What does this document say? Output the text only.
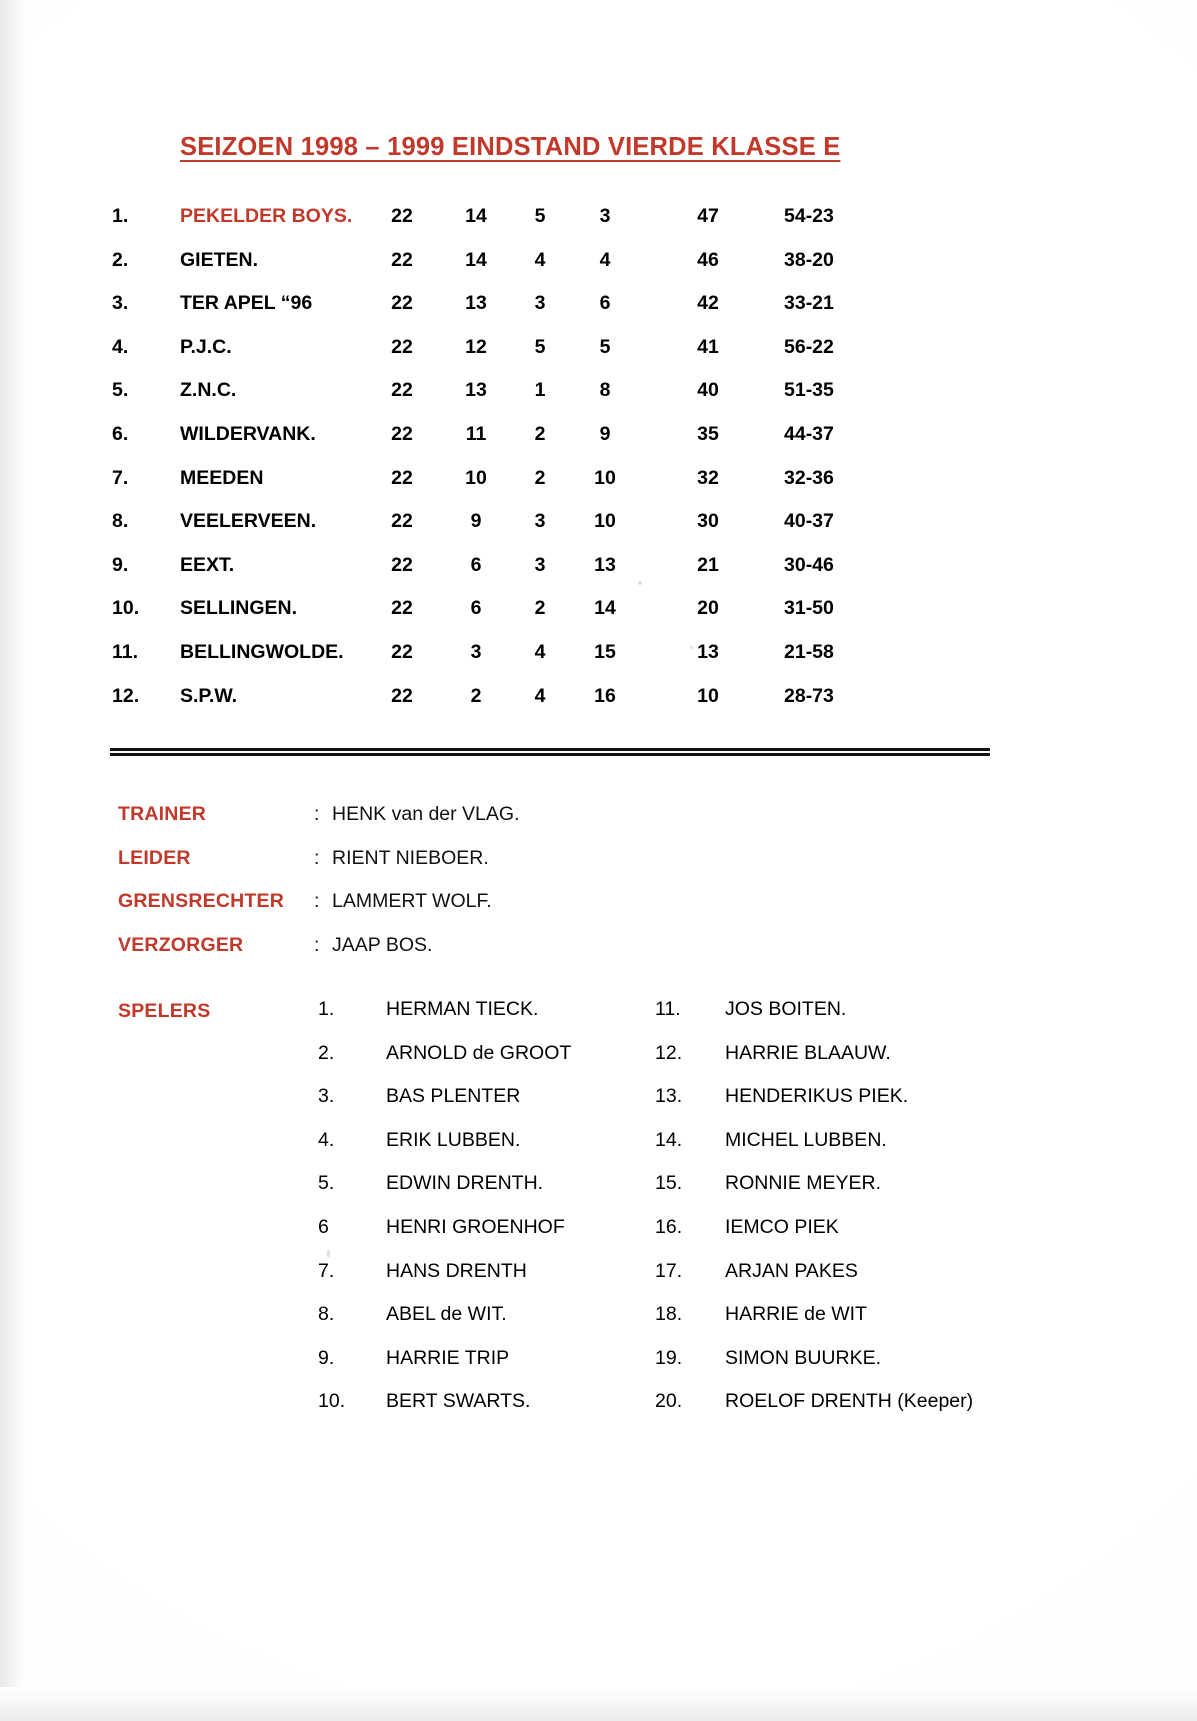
SEIZOEN 1998 – 1999 EINDSTAND VIERDE KLASSE E
1.	PEKELDER BOYS.	22	14	5	3	47	54-23
2.	GIETEN.	22	14	4	4	46	38-20
3.	TER APEL “96	22	13	3	6	42	33-21
4.	P.J.C.	22	12	5	5	41	56-22
5.	Z.N.C.	22	13	1	8	40	51-35
6.	WILDERVANK.	22	11	2	9	35	44-37
7.	MEEDEN	22	10	2	10	32	32-36
8.	VEELERVEEN.	22	9	3	10	30	40-37
9.	EEXT.	22	6	3	13	21	30-46
10.	SELLINGEN.	22	6	2	14	20	31-50
11.	BELLINGWOLDE.	22	3	4	15	13	21-58
12.	S.P.W.	22	2	4	16	10	28-73
TRAINER	: HENK van der VLAG.
LEIDER	: RIENT NIEBOER.
GRENSRECHTER : LAMMERT WOLF.
VERZORGER	: JAAP BOS.
SPELERS	1.	HERMAN TIECK.
2.	ARNOLD de GROOT
3.	BAS PLENTER
4.	ERIK LUBBEN.
5.	EDWIN DRENTH.
6	HENRI GROENHOF
7.	HANS DRENTH
8.	ABEL de WIT.
9.	HARRIE TRIP
10.	BERT SWARTS.
11.	JOS BOITEN.
12.	HARRIE BLAAUW.
13.	HENDERIKUS PIEK.
14.	MICHEL LUBBEN.
15.	RONNIE MEYER.
16.	IEMCO PIEK
17.	ARJAN PAKES
18.	HARRIE de WIT
19.	SIMON BUURKE.
20.	ROELOF DRENTH (Keeper)
